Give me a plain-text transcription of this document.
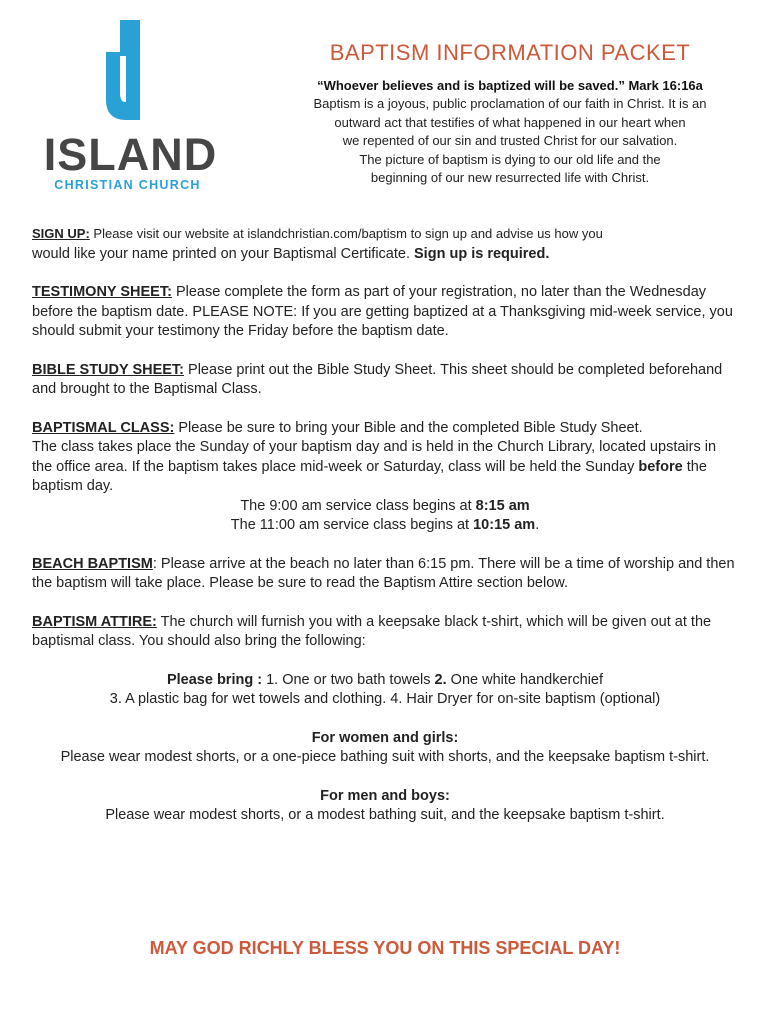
ISLAND
CHRISTIAN CHURCH
BAPTISM INFORMATION PACKET
“Whoever believes and is baptized will be saved.” Mark 16:16a
Baptism is a joyous, public proclamation of our faith in Christ. It is an
outward act that testifies of what happened in our heart when
we repented of our sin and trusted Christ for our salvation.
The picture of baptism is dying to our old life and the
beginning of our new resurrected life with Christ.
SIGN UP: Please visit our website at islandchristian.com/baptism to sign up and advise us how you
would like your name printed on your Baptismal Certificate. Sign up is required.
TESTIMONY SHEET: Please complete the form as part of your registration, no later than the Wednesday before the baptism date. PLEASE NOTE: If you are getting baptized at a Thanksgiving mid-week service, you should submit your testimony the Friday before the baptism date.
BIBLE STUDY SHEET: Please print out the Bible Study Sheet. This sheet should be completed beforehand and brought to the Baptismal Class.
BAPTISMAL CLASS: Please be sure to bring your Bible and the completed Bible Study Sheet.
The class takes place the Sunday of your baptism day and is held in the Church Library, located upstairs in the office area. If the baptism takes place mid-week or Saturday, class will be held the Sunday before the baptism day.
The 9:00 am service class begins at 8:15 am
The 11:00 am service class begins at 10:15 am.
BEACH BAPTISM: Please arrive at the beach no later than 6:15 pm. There will be a time of worship and then the baptism will take place. Please be sure to read the Baptism Attire section below.
BAPTISM ATTIRE: The church will furnish you with a keepsake black t-shirt, which will be given out at the baptismal class. You should also bring the following:
Please bring : 1. One or two bath towels 2. One white handkerchief
3. A plastic bag for wet towels and clothing. 4. Hair Dryer for on-site baptism (optional)
For women and girls:
Please wear modest shorts, or a one-piece bathing suit with shorts, and the keepsake baptism t-shirt.
For men and boys:
Please wear modest shorts, or a modest bathing suit, and the keepsake baptism t-shirt.
MAY GOD RICHLY BLESS YOU ON THIS SPECIAL DAY!
